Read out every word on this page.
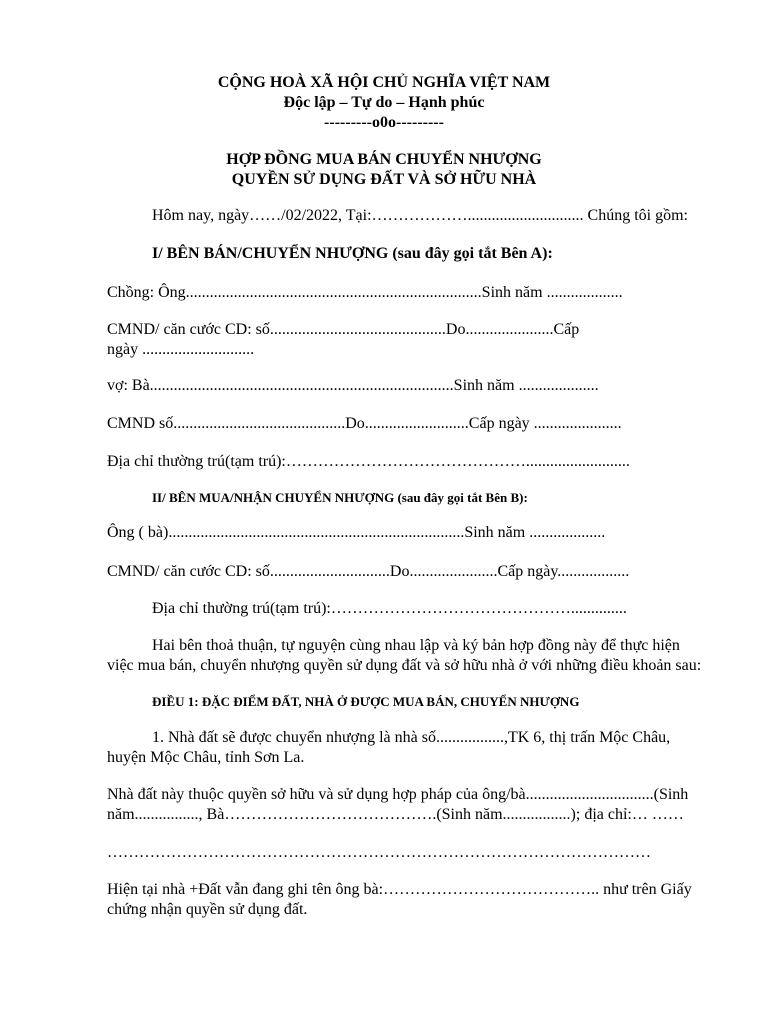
CỘNG HOÀ XÃ HỘI CHỦ NGHĨA VIỆT NAM
Độc lập – Tự do – Hạnh phúc
---------o0o---------
HỢP ĐỒNG MUA BÁN CHUYỂN NHƯỢNG
QUYỀN SỬ DỤNG ĐẤT VÀ SỞ HỮU NHÀ
Hôm nay, ngày……/02/2022, Tại:………………............................. Chúng tôi gồm:
I/ BÊN BÁN/CHUYỂN NHƯỢNG (sau đây gọi tắt Bên A):
Chồng: Ông..........................................................................Sinh năm ...................
CMND/ căn cước CD: số............................................Do......................Cấp
ngày ............................
vợ: Bà............................................................................Sinh năm ....................
CMND số...........................................Do..........................Cấp ngày ......................
Địa chỉ thường trú(tạm trú):………………………………………..........................
II/ BÊN MUA/NHẬN CHUYỂN NHƯỢNG (sau đây gọi tắt Bên B):
Ông ( bà)..........................................................................Sinh năm ...................
CMND/ căn cước CD: số..............................Do......................Cấp ngày..................
Địa chỉ thường trú(tạm trú):………………………………………..............
Hai bên thoả thuận, tự nguyện cùng nhau lập và ký bản hợp đồng này để thực hiện
việc mua bán, chuyển nhượng quyền sử dụng đất và sở hữu nhà ở với những điều khoản sau:
ĐIỀU 1: ĐẶC ĐIỂM ĐẤT, NHÀ Ở ĐƯỢC MUA BÁN, CHUYỂN NHƯỢNG
1. Nhà đất sẽ được chuyển nhượng là nhà số.................,TK 6, thị trấn Mộc Châu,
huyện Mộc Châu, tỉnh Sơn La.
Nhà đất này thuộc quyền sở hữu và sử dụng hợp pháp của ông/bà................................(Sinh
năm................, Bà………………………………….(Sinh năm.................); địa chỉ:… ……
…………………………………………………………………………………………
Hiện tại nhà +Đất vẫn đang ghi tên ông bà:………………………………….. như trên Giấy
chứng nhận quyền sử dụng đất.
